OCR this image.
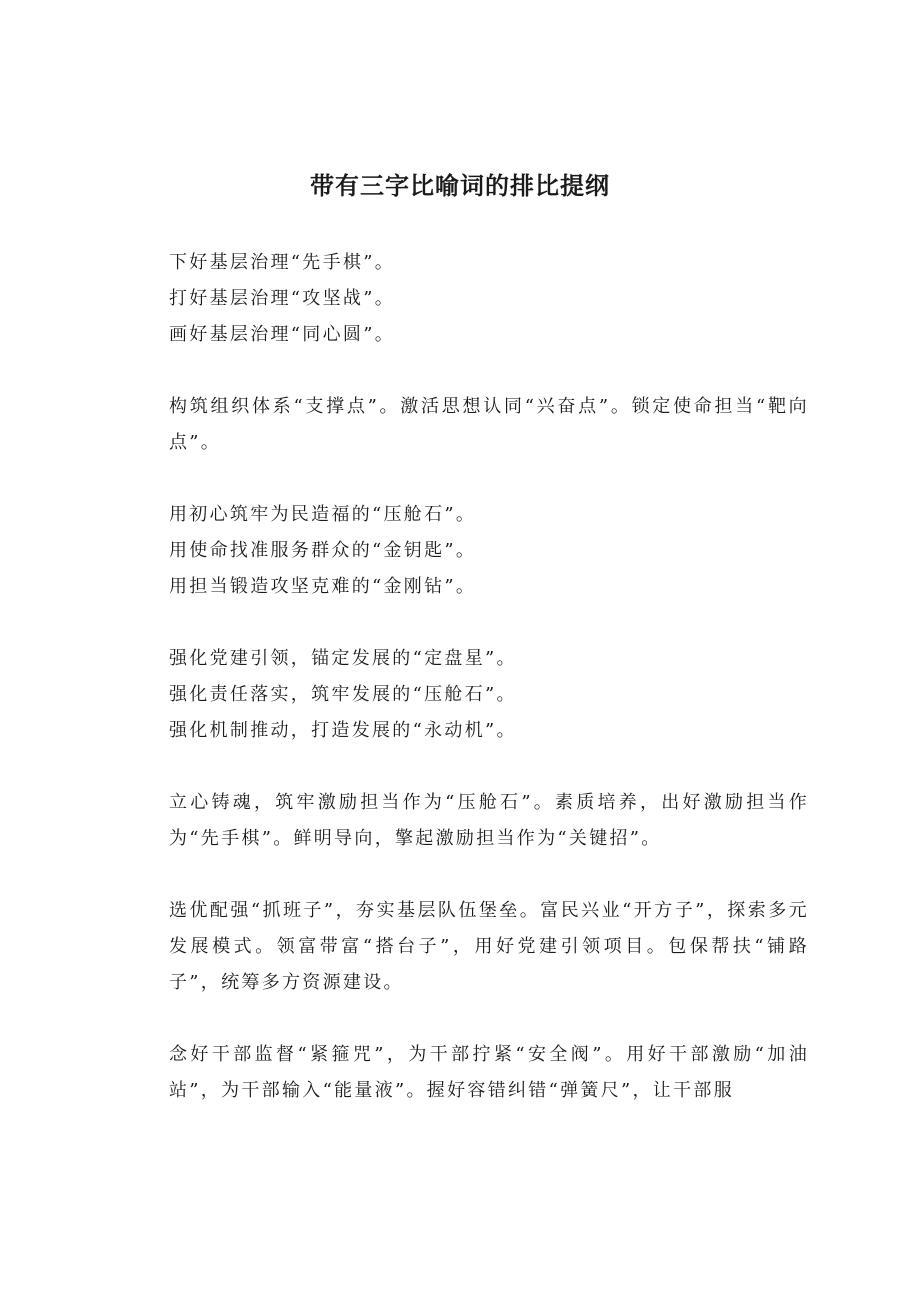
带有三字比喻词的排比提纲
下好基层治理“先手棋”。
打好基层治理“攻坚战”。
画好基层治理“同心圆”。
构筑组织体系“支撑点”。激活思想认同“兴奋点”。锁定使命担当“靶向点”。
用初心筑牢为民造福的“压舱石”。
用使命找准服务群众的“金钥匙”。
用担当锻造攻坚克难的“金刚钻”。
强化党建引领，锚定发展的“定盘星”。
强化责任落实，筑牢发展的“压舱石”。
强化机制推动，打造发展的“永动机”。
立心铸魂，筑牢激励担当作为“压舱石”。素质培养，出好激励担当作为“先手棋”。鲜明导向，擎起激励担当作为“关键招”。
选优配强“抓班子”，夯实基层队伍堡垒。富民兴业“开方子”，探索多元发展模式。领富带富“搭台子”，用好党建引领项目。包保帮扶“铺路子”，统筹多方资源建设。
念好干部监督“紧箍咒”，为干部拧紧“安全阀”。用好干部激励“加油站”，为干部输入“能量液”。握好容错纠错“弹簧尺”，让干部服
